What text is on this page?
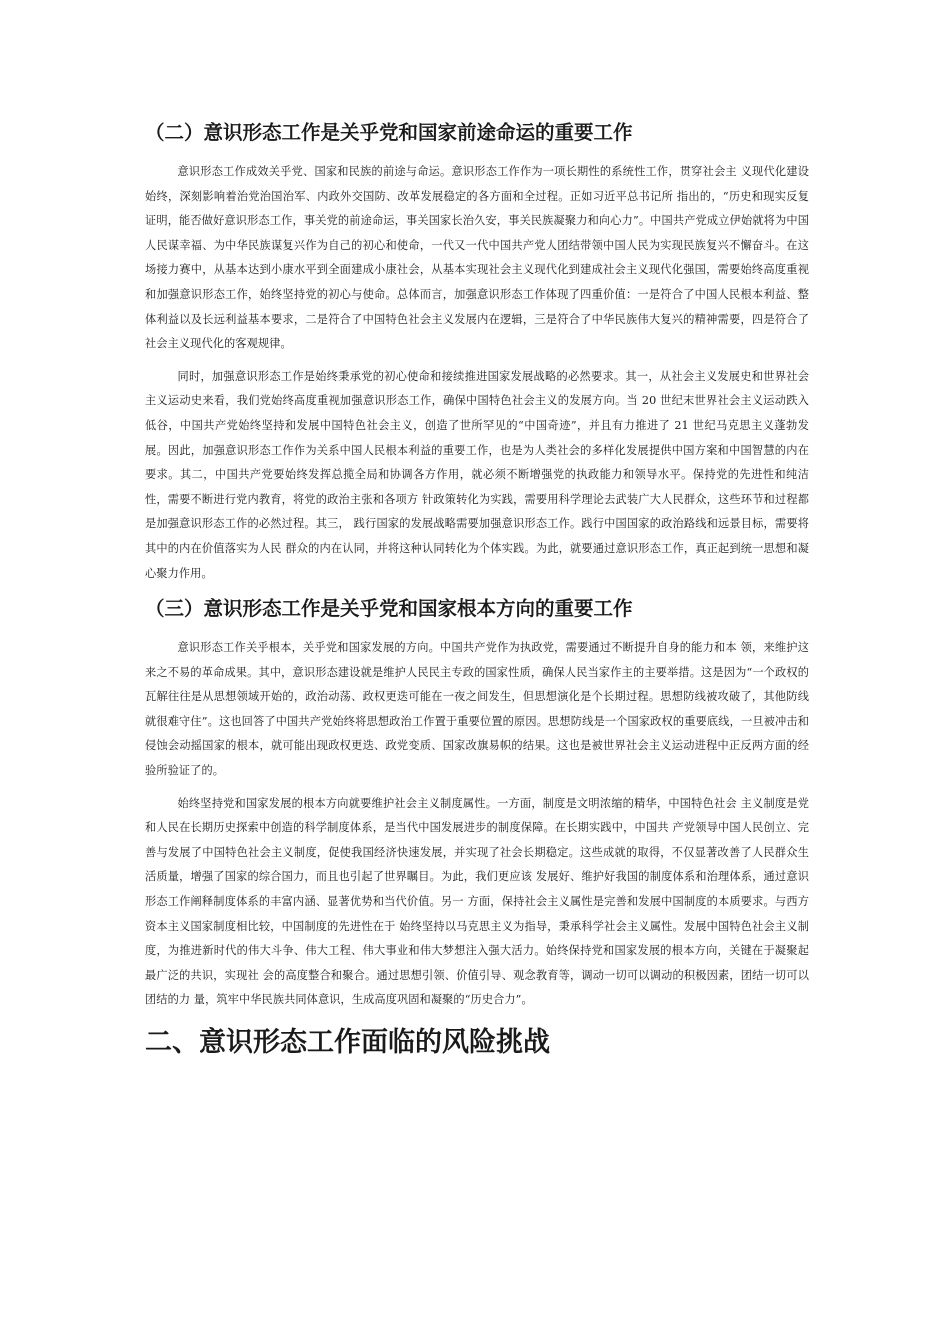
（二）意识形态工作是关乎党和国家前途命运的重要工作

意识形态工作成效关乎党、国家和民族的前途与命运。意识形态工作作为一项长期性的系统性工作，贯穿社会主 义现代化建设始终，深刻影响着治党治国治军、内政外交国防、改革发展稳定的各方面和全过程。正如习近平总书记所 指出的，“历史和现实反复证明，能否做好意识形态工作，事关党的前途命运，事关国家长治久安，事关民族凝聚力和向心力”。中国共产党成立伊始就将为中国人民谋幸福、为中华民族谋复兴作为自己的初心和使命，一代又一代中国共产党人团结带领中国人民为实现民族复兴不懈奋斗。在这场接力赛中，从基本达到小康水平到全面建成小康社会，从基本实现社会主义现代化到建成社会主义现代化强国，需要始终高度重视和加强意识形态工作，始终坚持党的初心与使命。总体而言，加强意识形态工作体现了四重价值：一是符合了中国人民根本利益、整体利益以及长远利益基本要求，二是符合了中国特色社会主义发展内在逻辑，三是符合了中华民族伟大复兴的精神需要，四是符合了社会主义现代化的客观规律。

同时，加强意识形态工作是始终秉承党的初心使命和接续推进国家发展战略的必然要求。其一，从社会主义发展史和世界社会主义运动史来看，我们党始终高度重视加强意识形态工作，确保中国特色社会主义的发展方向。当 20 世纪末世界社会主义运动跌入低谷，中国共产党始终坚持和发展中国特色社会主义，创造了世所罕见的“中国奇迹”，并且有力推进了 21 世纪马克思主义蓬勃发展。因此，加强意识形态工作作为关系中国人民根本利益的重要工作，也是为人类社会的多样化发展提供中国方案和中国智慧的内在要求。其二，中国共产党要始终发挥总揽全局和协调各方作用，就必须不断增强党的执政能力和领导水平。保持党的先进性和纯洁性，需要不断进行党内教育，将党的政治主张和各项方 针政策转化为实践，需要用科学理论去武装广大人民群众，这些环节和过程都是加强意识形态工作的必然过程。其三， 践行国家的发展战略需要加强意识形态工作。践行中国国家的政治路线和远景目标，需要将其中的内在价值落实为人民 群众的内在认同，并将这种认同转化为个体实践。为此，就要通过意识形态工作，真正起到统一思想和凝心聚力作用。

（三）意识形态工作是关乎党和国家根本方向的重要工作

意识形态工作关乎根本，关乎党和国家发展的方向。中国共产党作为执政党，需要通过不断提升自身的能力和本 领，来维护这来之不易的革命成果。其中，意识形态建设就是维护人民民主专政的国家性质，确保人民当家作主的主要举措。这是因为“一个政权的瓦解往往是从思想领域开始的，政治动荡、政权更迭可能在一夜之间发生，但思想演化是个长期过程。思想防线被攻破了，其他防线就很难守住”。这也回答了中国共产党始终将思想政治工作置于重要位置的原因。思想防线是一个国家政权的重要底线，一旦被冲击和侵蚀会动摇国家的根本，就可能出现政权更迭、政党变质、国家改旗易帜的结果。这也是被世界社会主义运动进程中正反两方面的经验所验证了的。

始终坚持党和国家发展的根本方向就要维护社会主义制度属性。一方面，制度是文明浓缩的精华，中国特色社会 主义制度是党和人民在长期历史探索中创造的科学制度体系，是当代中国发展进步的制度保障。在长期实践中，中国共 产党领导中国人民创立、完善与发展了中国特色社会主义制度，促使我国经济快速发展，并实现了社会长期稳定。这些成就的取得，不仅显著改善了人民群众生活质量，增强了国家的综合国力，而且也引起了世界瞩目。为此，我们更应该 发展好、维护好我国的制度体系和治理体系，通过意识形态工作阐释制度体系的丰富内涵、显著优势和当代价值。另一 方面，保持社会主义属性是完善和发展中国制度的本质要求。与西方资本主义国家制度相比较，中国制度的先进性在于 始终坚持以马克思主义为指导，秉承科学社会主义属性。发展中国特色社会主义制度，为推进新时代的伟大斗争、伟大工程、伟大事业和伟大梦想注入强大活力。始终保持党和国家发展的根本方向，关键在于凝聚起最广泛的共识，实现社 会的高度整合和聚合。通过思想引领、价值引导、观念教育等，调动一切可以调动的积极因素，团结一切可以团结的力 量，筑牢中华民族共同体意识，生成高度巩固和凝聚的“历史合力”。

二、意识形态工作面临的风险挑战
